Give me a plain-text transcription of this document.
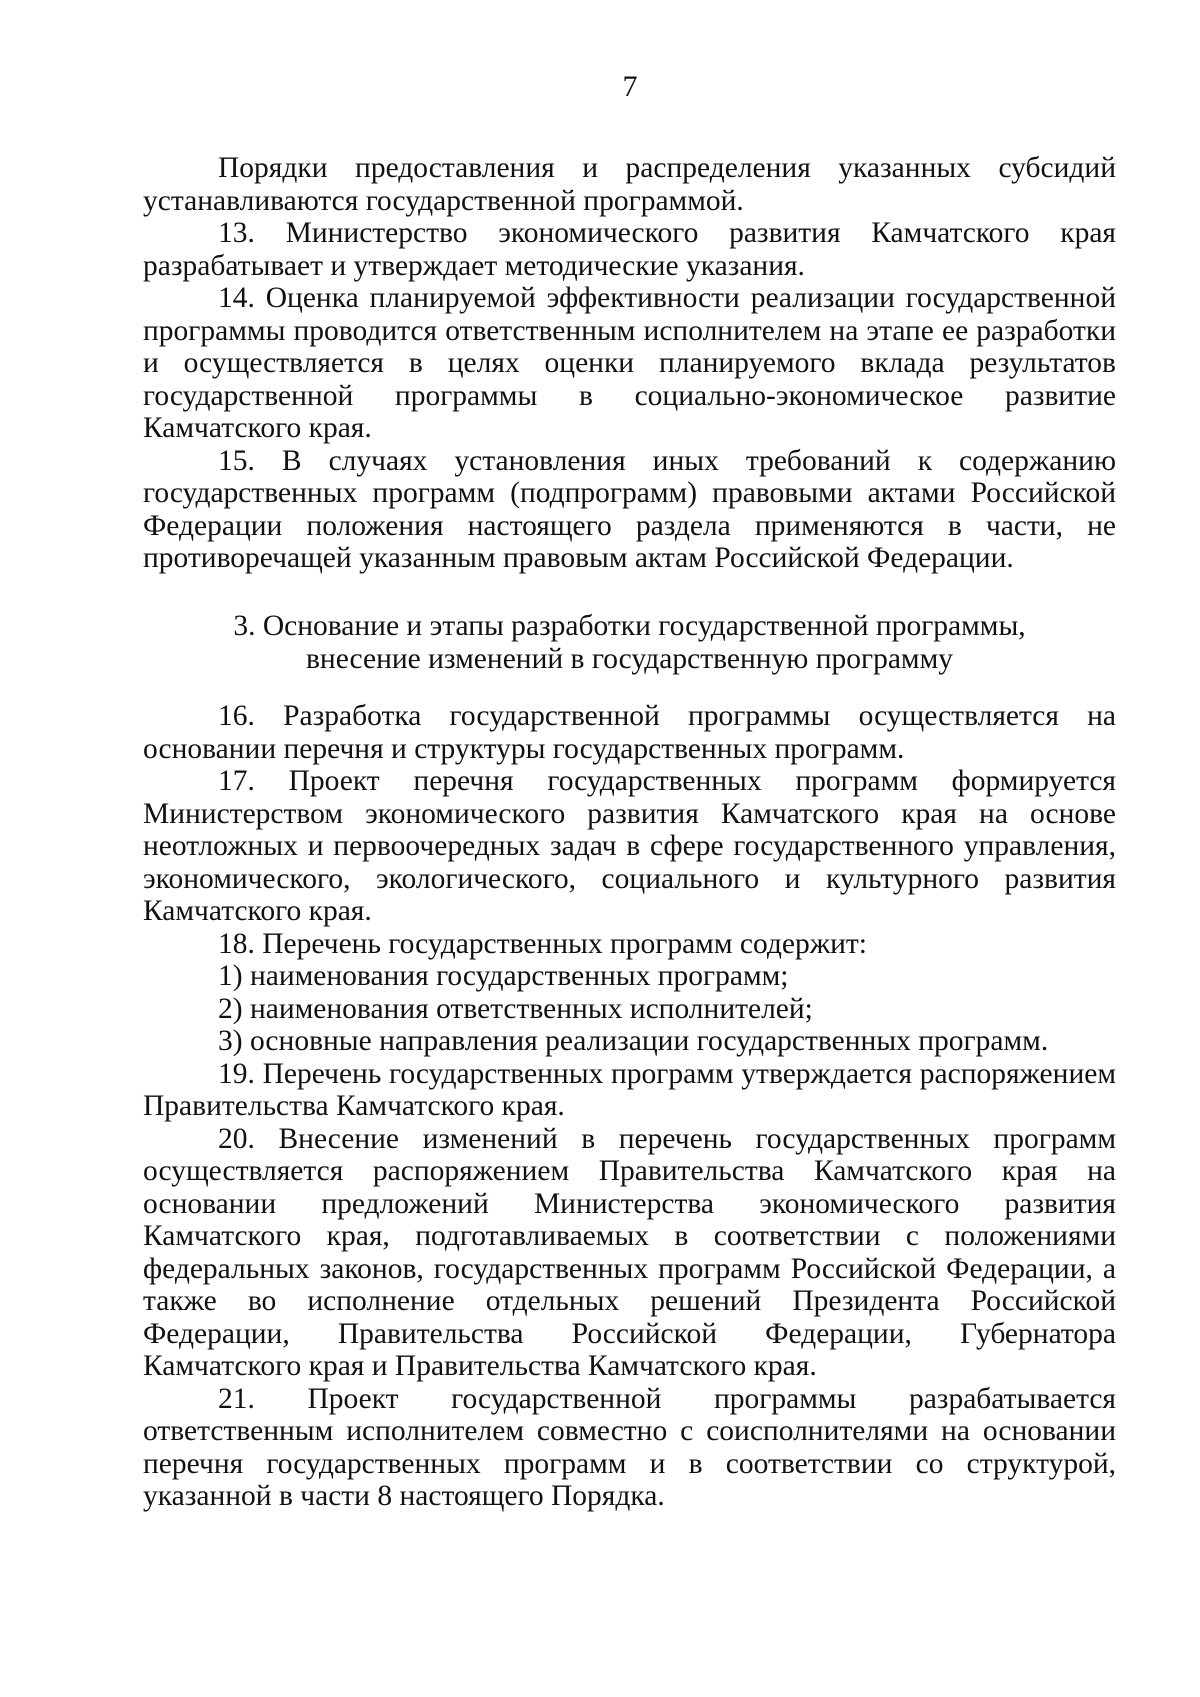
7

Порядки предоставления и распределения указанных субсидий устанавливаются государственной программой.

13. Министерство экономического развития Камчатского края разрабатывает и утверждает методические указания.

14. Оценка планируемой эффективности реализации государственной программы проводится ответственным исполнителем на этапе ее разработки и осуществляется в целях оценки планируемого вклада результатов государственной программы в социально-экономическое развитие Камчатского края.

15. В случаях установления иных требований к содержанию государственных программ (подпрограмм) правовыми актами Российской Федерации положения настоящего раздела применяются в части, не противоречащей указанным правовым актам Российской Федерации.

3. Основание и этапы разработки государственной программы,
внесение изменений в государственную программу

16. Разработка государственной программы осуществляется на основании перечня и структуры государственных программ.

17. Проект перечня государственных программ формируется Министерством экономического развития Камчатского края на основе неотложных и первоочередных задач в сфере государственного управления, экономического, экологического, социального и культурного развития Камчатского края.

18. Перечень государственных программ содержит:

1) наименования государственных программ;

2) наименования ответственных исполнителей;

3) основные направления реализации государственных программ.

19. Перечень государственных программ утверждается распоряжением Правительства Камчатского края.

20. Внесение изменений в перечень государственных программ осуществляется распоряжением Правительства Камчатского края на основании предложений Министерства экономического развития Камчатского края, подготавливаемых в соответствии с положениями федеральных законов, государственных программ Российской Федерации, а также во исполнение отдельных решений Президента Российской Федерации, Правительства Российской Федерации, Губернатора Камчатского края и Правительства Камчатского края.

21. Проект государственной программы разрабатывается ответственным исполнителем совместно с соисполнителями на основании перечня государственных программ и в соответствии со структурой, указанной в части 8 настоящего Порядка.
